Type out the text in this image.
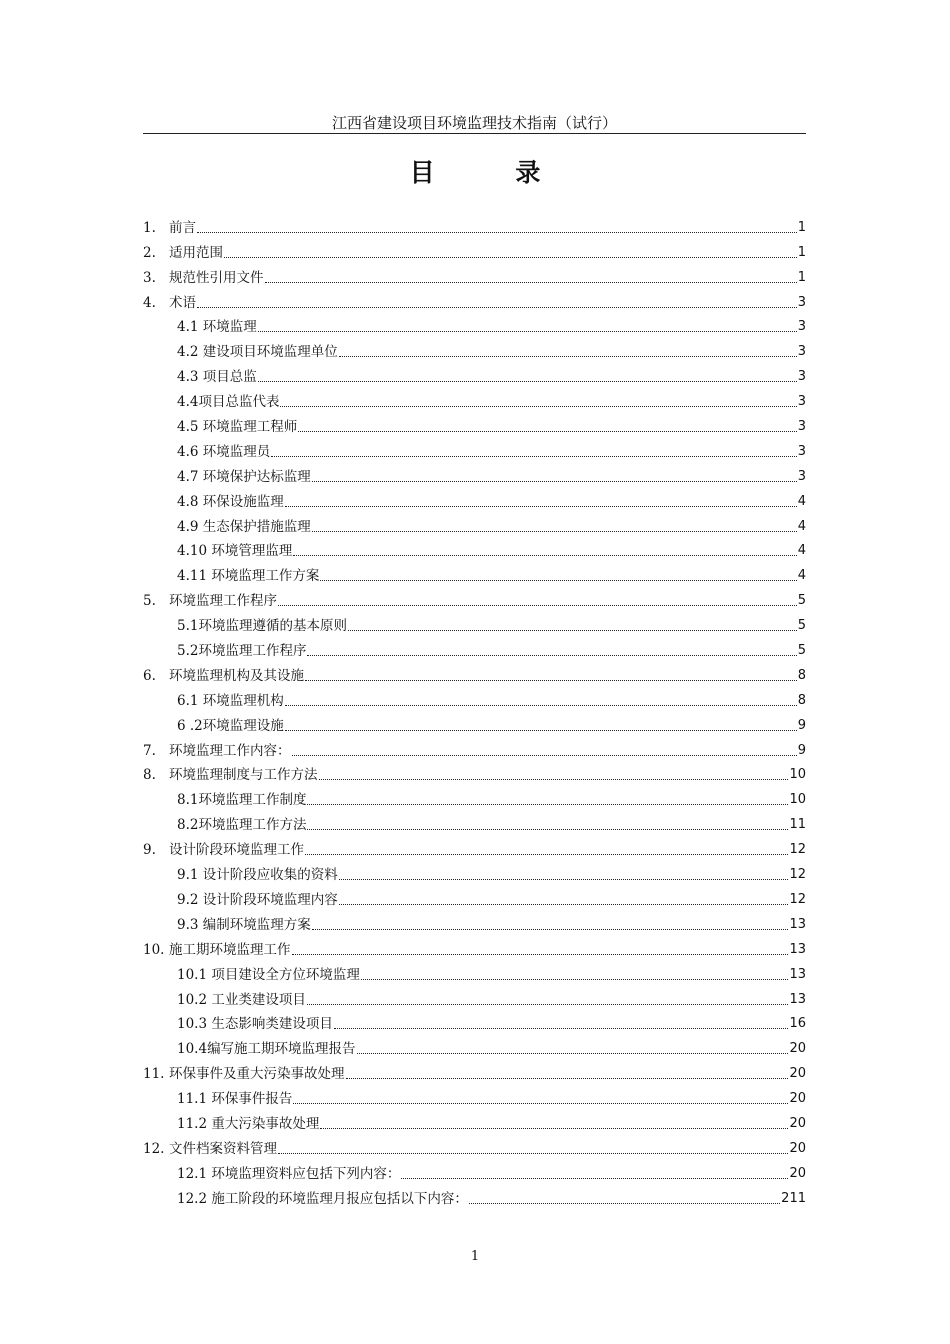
江西省建设项目环境监理技术指南（试行）
目 录
1. 前言	1
2. 适用范围	1
3. 规范性引用文件	1
4. 术语	3
4.1 环境监理	3
4.2 建设项目环境监理单位	3
4.3 项目总监	3
4.4 项目总监代表	3
4.5 环境监理工程师	3
4.6 环境监理员	3
4.7 环境保护达标监理	3
4.8 环保设施监理	4
4.9 生态保护措施监理	4
4.10 环境管理监理	4
4.11 环境监理工作方案	4
5. 环境监理工作程序	5
5.1 环境监理遵循的基本原则	5
5.2 环境监理工作程序	5
6. 环境监理机构及其设施	8
6.1 环境监理机构	8
6 .2 环境监理设施	9
7. 环境监理工作内容：	9
8. 环境监理制度与工作方法	10
8.1 环境监理工作制度	10
8.2 环境监理工作方法	11
9. 设计阶段环境监理工作	12
9.1 设计阶段应收集的资料	12
9.2 设计阶段环境监理内容	12
9.3 编制环境监理方案	13
10. 施工期环境监理工作	13
10.1 项目建设全方位环境监理	13
10.2 工业类建设项目	13
10.3 生态影响类建设项目	16
10.4 编写施工期环境监理报告	20
11. 环保事件及重大污染事故处理	20
11.1 环保事件报告	20
11.2 重大污染事故处理	20
12. 文件档案资料管理	20
12.1 环境监理资料应包括下列内容：	20
12.2 施工阶段的环境监理月报应包括以下内容：	211
1
